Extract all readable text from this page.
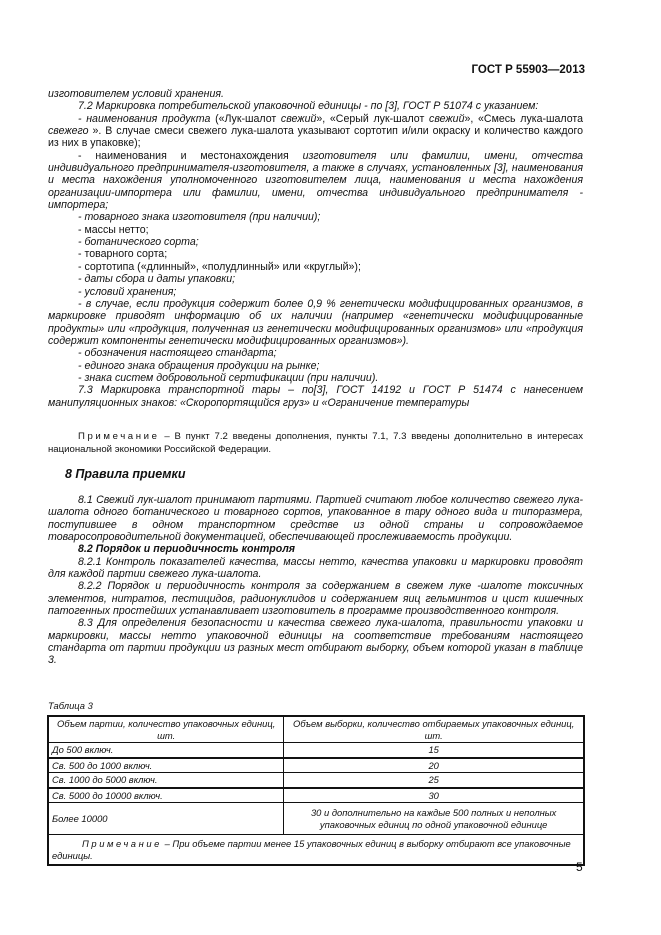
ГОСТ Р 55903—2013

изготовителем условий хранения.

7.2 Маркировка потребительской упаковочной единицы - по [3], ГОСТ Р 51074 с указанием:

- наименования продукта («Лук-шалот свежий», «Серый лук-шалот свежий», «Смесь лука-шалота свежего ». В случае смеси свежего лука-шалота указывают сортотип и/или окраску и количество каждого из них в упаковке);

- наименования и местонахождения изготовителя или фамилии, имени, отчества индивидуального предпринимателя-изготовителя, а также в случаях, установленных [3], наименования и места нахождения уполномоченного изготовителем лица, наименования и места нахождения организации-импортера или фамилии, имени, отчества индивидуального предпринимателя - импортера;

- товарного знака изготовителя (при наличии);

- массы нетто;

- ботанического сорта;

- товарного сорта;

- сортотипа («длинный», «полудлинный» или «круглый»);

- даты сбора и даты упаковки;

- условий хранения;

- в случае, если продукция содержит более 0,9 % генетически модифицированных организмов, в маркировке приводят информацию об их наличии (например «генетически модифицированные продукты» или «продукция, полученная из генетически модифицированных организмов» или «продукция содержит компоненты генетически модифицированных организмов»).

- обозначения настоящего стандарта;

- единого знака обращения продукции на рынке;

- знака систем добровольной сертификации (при наличии).

7.3 Маркировка транспортной тары – по[3], ГОСТ 14192 и ГОСТ Р 51474 с нанесением манипуляционных знаков: «Скоропортящийся груз» и «Ограничение температуры

Примечание – В пункт 7.2 введены дополнения, пункты 7.1, 7.3 введены дополнительно в интересах национальной экономики Российской Федерации.

8 Правила приемки

8.1 Свежий лук-шалот принимают партиями. Партией считают любое количество свежего лука-шалота одного ботанического и товарного сортов, упакованное в тару одного вида и типоразмера, поступившее в одном транспортном средстве из одной страны и сопровождаемое товаросопроводительной документацией, обеспечивающей прослеживаемость продукции.

8.2 Порядок и периодичность контроля

8.2.1 Контроль показателей качества, массы нетто, качества упаковки и маркировки проводят для каждой партии свежего лука-шалота.

8.2.2 Порядок и периодичность контроля за содержанием в свежем луке -шалоте токсичных элементов, нитратов, пестицидов, радионуклидов и содержанием яиц гельминтов и цист кишечных патогенных простейших устанавливает изготовитель в программе производственного контроля.

8.3 Для определения безопасности и качества свежего лука-шалота, правильности упаковки и маркировки, массы нетто упаковочной единицы на соответствие требованиям настоящего стандарта от партии продукции из разных мест отбирают выборку, объем которой указан в таблице 3.

Таблица 3
Объем партии, количество упаковочных единиц, шт.	Объем выборки, количество отбираемых упаковочных единиц, шт.
До 500 включ.	15
Св. 500 до 1000 включ.	20
Св. 1000 до 5000 включ.	25
Св. 5000 до 10000 включ.	30
Более 10000	30 и дополнительно на каждые 500 полных и неполных упаковочных единиц по одной упаковочной единице
Примечание – При объеме партии менее 15 упаковочных единиц в выборку отбирают все упаковочные единицы.	
5
